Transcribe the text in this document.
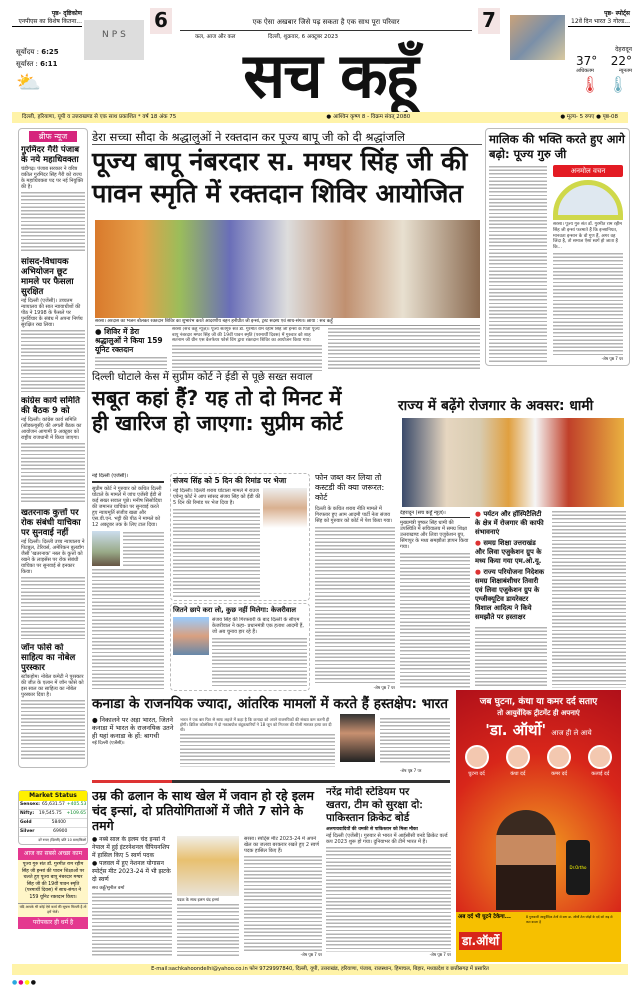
पृष्ठ- दृष्टिकोण
एनपीएस का विशेष कितना...
NPS
6	एक ऐसा अखबार जिसे पढ़ सकता है एक साथ पूरा परिवार	7	पृष्ठ- स्पोर्ट्स
12वें दिन भारत 3 गोल्ड...
सूर्योदय : 6:25
सूर्यास्त : 6:11
⛅
कल, आज और कल	दिल्ली, शुक्रवार, 6 अक्टूबर 2023
सच कहूँ	देहरादून
37° 22°
अधिकतम	न्यूनतम
🌡 🌡
दिल्ली, हरियाणा, यूपी व उत्तराखण्ड से एक साथ प्रकाशित * वर्ष 18 अंक 75	● आश्विन कृष्ण 8 - विक्रम संवत् 2080	● मूल्य- 5 रुपए ● पृष्ठ-08
ब्रीफ न्यूज
गुरमिंदर गैरी पंजाब के नये महाधिवक्ता
चंडीगढ़। पंजाब सरकार ने वरिष्ठ वकील गुरमिंदर सिंह गैरी को राज्य के महाधिवक्ता पद पर नई नियुक्ति की है।
सांसद-विधायक अभियोजन छूट मामले पर फैसला सुरक्षित
नई दिल्ली (एजेंसी)। उच्चतम न्यायालय की सात न्यायाधीशों की पीठ ने 1998 के फैसले पर पुनर्विचार के संबंध में अपना निर्णय सुरक्षित रख लिया।
कांग्रेस कार्य समिति की बैठक 9 को
नई दिल्ली। कांग्रेस कार्य समिति (सीडब्ल्यूसी) की अगली बैठक का आयोजन आगामी 9 अक्टूबर को राष्ट्रीय राजधानी में किया जाएगा।
खतरनाक कुत्तों पर रोक संबंधी याचिका पर सुनवाई नहीं
नई दिल्ली। दिल्ली उच्च न्यायालय ने पिटबुल, टेरियर्स, अमेरिकन बुलडॉग जैसी 'खतरनाक' नस्ल के कुत्तों को रखने के लाइसेंस पर रोक संबंधी याचिका पर सुनवाई से इनकार किया।
जॉन फोसे को साहित्य का नोबेल पुरस्कार
स्टॉकहोम। नोबेल कमेटी ने पुरस्कार की जीत के एलान में जॉन फोसे को इस साल का साहित्य का नोबेल पुरस्कार दिया है।
Market Status
Sensex: 65,631.57 +405.53
Nifty: 19,545.75 +109.65
Gold	58400
Silver	69900
दरें रुपए (दिल्ली) प्रति 10 ग्राम/किलो
आज का सबसे अच्छा काम
पूज्य गुरु संत डॉ. गुरमीत राम रहीम सिंह जी इन्सां की पावन शिक्षाओं पर चलते हुए पूज्य बापू नंबरदार मग्घर सिंह जी की 19वीं पावन स्मृति (परमार्थी दिवस) में साध-संगत ने 159 यूनिट रक्तदान किया।
यदि आपके भी कोई ऐसे कार्य की सूचना मिलती है तो हमें भेजें।
परोपकार ही धर्म है
डेरा सच्चा सौदा के श्रद्धालुओं ने रक्तदान कर पूज्य बापू जी को दी श्रद्धांजलि
पूज्य बापू नंबरदार स. मग्घर सिंह जी की
पावन स्मृति में रक्तदान शिविर आयोजित
सरसा। अरदास का भजन बोलकर रक्तदान शिविर का शुभारंभ करते आदरणीय बहन हनीप्रीत जी इन्सां, ट्रस्ट सदस्य एवं साध-संगत। छाया : सच कहूँ
● शिविर में डेरा श्रद्धालुओं ने किया 159 यूनिट रक्तदान
सरसा (सच कहूँ न्यूज़)। पूज्य सतगुरु संत डॉ. गुरमीत राम रहीम सिंह जी इन्सां के पिता पूज्य बापू नंबरदार मग्घर सिंह जी की 19वीं पावन स्मृति (परमार्थी दिवस) में गुरुवार को शाह सतनाम जी ग्रीन एस वेलफेयर फोर्स विंग द्वारा रक्तदान शिविर का आयोजन किया गया।
मालिक की भक्ति करते हुए आगे बढ़ो: पूज्य गुरु जी
अनमोल वचन
सरसा। पूज्य गुरु संत डॉ. गुरमीत राम रहीम सिंह जी इन्सां फरमाते हैं कि इन्सानियत, मानवता इन्सान के वो गुण हैं, अगर वह जिंदा है, तो समाज ऐसा स्वर्ग हो जाता है कि...
-शेष पृष्ठ 7 पर
दिल्ली घोटाले केस में सुप्रीम कोर्ट ने ईडी से पूछे सख्त सवाल
सबूत कहां हैं? यह तो दो मिनट में
ही खारिज हो जाएगा: सुप्रीम कोर्ट
नई दिल्ली (एजेंसी)।
सुप्रीम कोर्ट ने गुरुवार को कथित दिल्ली घोटाले के मामले में जांच एजेंसी ईडी से कई सख्त सवाल पूछे। मनीष सिसोदिया की जमानत याचिका पर सुनवाई करते हुए न्यायमूर्ति संजीव खन्ना और एस.वी.एन. भट्टी की पीठ ने मामले को 12 अक्टूबर तक के लिए टाल दिया।
संजय सिंह को 5 दिन की रिमांड पर भेजा
नई दिल्ली। दिल्ली शराब घोटाला मामले में राउज एवेन्यू कोर्ट ने आप सांसद संजय सिंह को ईडी की 5 दिन की रिमांड पर भेज दिया है।
जितने छापे करा लो, कुछ नहीं मिलेगा: केजरीवाल
संजय सिंह की गिरफ्तारी के बाद दिल्ली के सीएम केजरीवाल ने कहा- प्रधानमंत्री एक हताश आदमी हैं, जो अब चुनाव हार रहे हैं।
फोन जब्त कर लिया तो कस्टडी की क्या जरूरत: कोर्ट
दिल्ली के कथित शराब नीति मामले में गिरफ्तार हुए आम आदमी पार्टी नेता संजय सिंह को गुरुवार को कोर्ट में पेश किया गया।
-शेष पृष्ठ 7 पर
राज्य में बढ़ेंगे रोजगार के अवसर: धामी
देहरादून (सच कहूँ न्यूज़)।
मुख्यमंत्री पुष्कर सिंह धामी की उपस्थिति में सचिवालय में समग्र शिक्षा उत्तराखण्ड और लिवा एजुकेशन ग्रुप, सिंगापुर के मध्य समझौता ज्ञापन किया गया।
● पर्यटन और हॉस्पिटैलिटी के क्षेत्र में रोजगार की काफी संभावनाएं
● समग्र शिक्षा उत्तराखंड और लिवा एजुकेशन ग्रुप के मध्य किया गया एम.ओ.यू.
● राज्य परियोजना निदेशक समग्र शिक्षाबंशीधर तिवारी एवं लिवा एजुकेशन ग्रुप के एग्जीक्यूटिव डायरेक्टर विशाल आदित्य ने किये समझौते पर हस्ताक्षर
कनाडा के राजनयिक ज्यादा, आंतरिक मामलों में करते हैं हस्तक्षेप: भारत
● निकालने पर अड़ा भारत, जितने कनाडा में भारत के राजनयिक उतने ही यहां कनाडा के हों: बागची
नई दिल्ली (एजेंसी)।
भारत ने एक बार फिर से साफ लहजे में कहा है कि कनाडा को अपने राजनयिकों की संख्या कम करनी ही होगी। ब्रिटिश कोलंबिया में दो नकाबपोश बंदूकधारियों ने 18 जून को निज्जर की गोली मारकर हत्या कर दी थी।
-शेष पृष्ठ 7 पर
उम्र की ढलान के साथ खेल में जवान हो रहे इलम चंद इन्सां, दो प्रतियोगिताओं में जीते 7 सोने के तमगे
● नब्बे साल के इलम चंद इन्सां ने नेपाल में हुई इंटरनेशनल चैंपियनशिप में हासिल किए 5 स्वर्ण पदक
● पलवल में हुए नेशनल योगासन स्पोर्ट्स मीट 2023-24 में भी झटके दो स्वर्ण
सच कहूँ/सुनील वर्मा
पदक के साथ इलम चंद इन्सां
सरसा। स्पोर्ट्स मीट 2023-24 में अपने खेल का जलवा बरकरार रखते हुए 2 स्वर्ण पदक हासिल किए हैं।
-शेष पृष्ठ 7 पर
नरेंद्र मोदी स्टेडियम पर
खतरा, टीम को सुरक्षा दो: पाकिस्तान क्रिकेट बोर्ड
अलगाववादियों की धमकी से पाकिस्तान को मिला मौका
नई दिल्ली (एजेंसी)। गुरुवार से भारत में आईसीसी वनडे क्रिकेट वर्ल्ड कप 2023 शुरू हो गया। दुनियाभर की टीमें भारत में हैं।
-शेष पृष्ठ 7 पर
जब घुटना, कंधा या कमर दर्द सताए
तो आयुर्वेदिक ट्रीटमेंट ही अपनाएं
'डा. ऑर्थो' आज ही ले आये
घुटना दर्द	कंधा दर्द	कमर दर्द	कलाई दर्द
Dr.Ortho
अब दर्द भी घुटने टेकेगा...
डा.ऑर्थो
8 गुणकारी आयुर्वेदिक तेलों से बना डा. ऑर्थो तेल जोड़ों के दर्द को जड़ से कम करता है
E-mail:sachkahoondelhi@yahoo.co.in फोन 9729997840, दिल्ली, यूपी, उत्तराखंड, हरियाणा, पंजाब, राजस्थान, हिमाचल, बिहार, मध्यप्रदेश व छत्तीसगढ़ में प्रसारित
●●●●
